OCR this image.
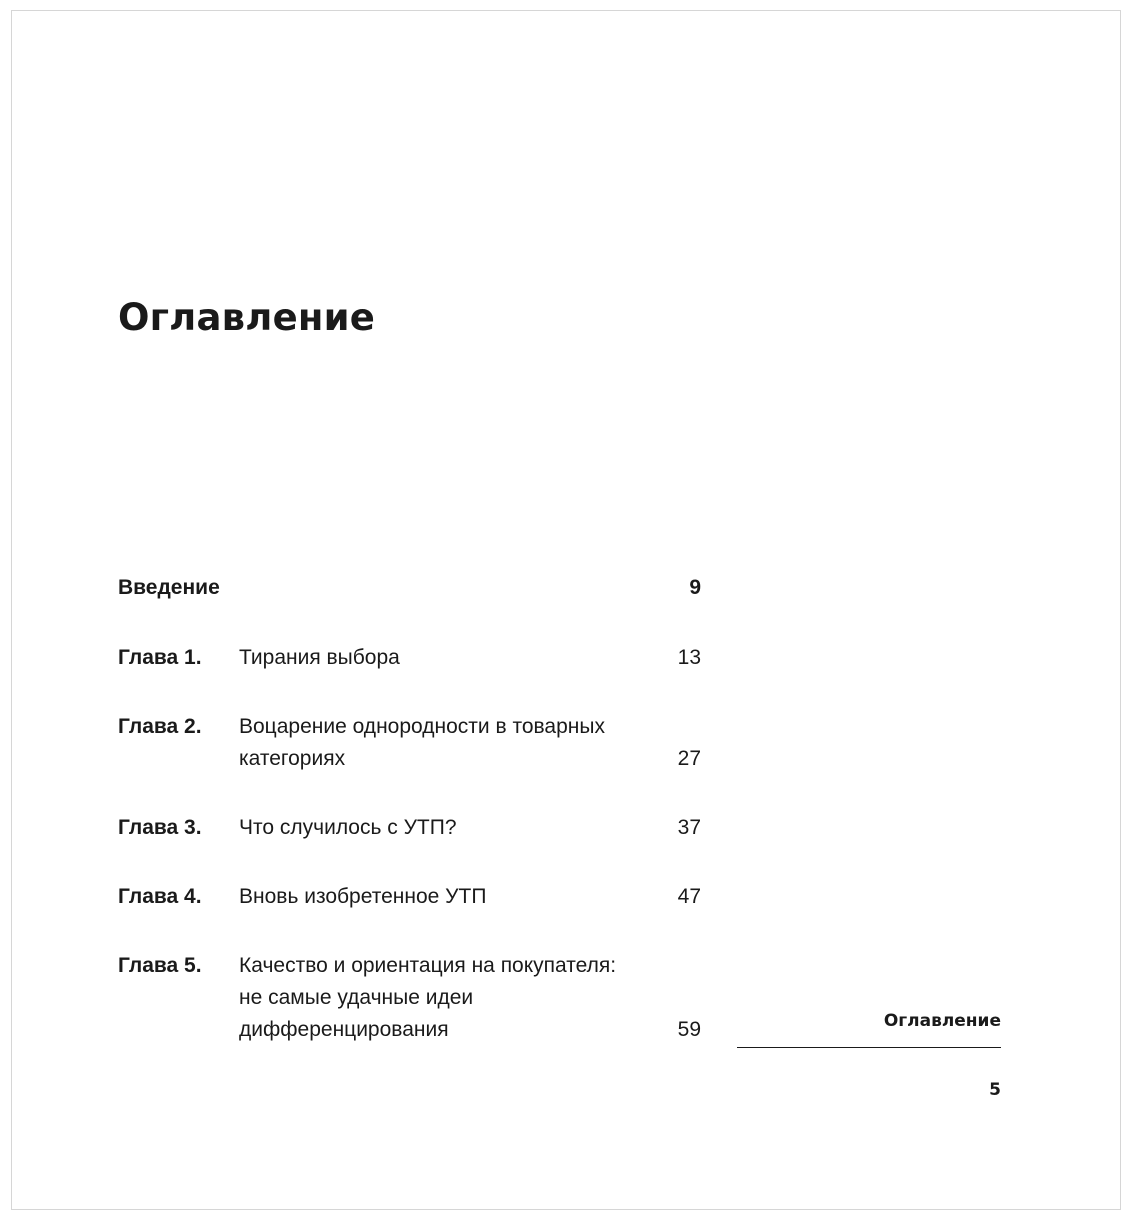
Оглавление
Введение	9
Глава 1. Тирания выбора	13
Глава 2. Воцарение однородности в товарных
категориях	27
Глава 3. Что случилось с УТП?	37
Глава 4. Вновь изобретенное УТП	47
Глава 5. Качество и ориентация на покупателя:
не самые удачные идеи
дифференцирования	59	Оглавление
5
